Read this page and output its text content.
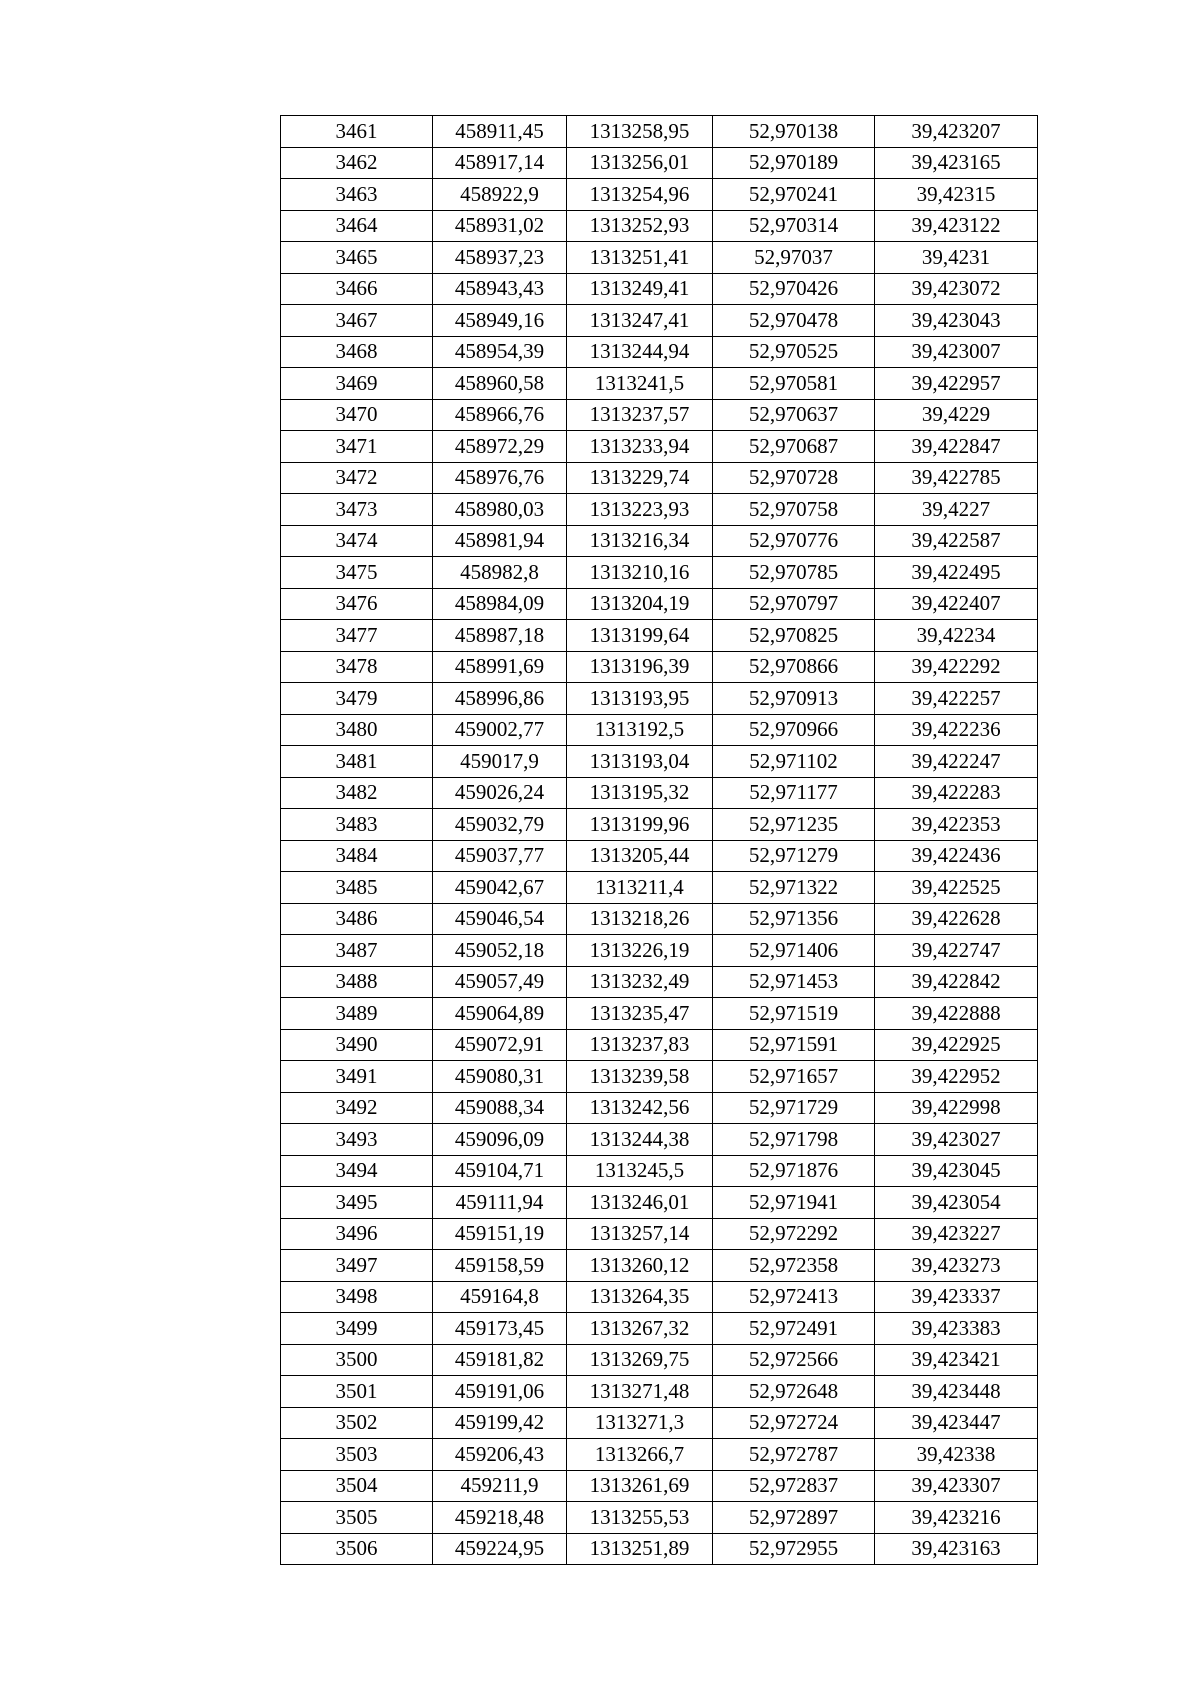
3461	458911,45	1313258,95	52,970138	39,423207
3462	458917,14	1313256,01	52,970189	39,423165
3463	458922,9	1313254,96	52,970241	39,42315
3464	458931,02	1313252,93	52,970314	39,423122
3465	458937,23	1313251,41	52,97037	39,4231
3466	458943,43	1313249,41	52,970426	39,423072
3467	458949,16	1313247,41	52,970478	39,423043
3468	458954,39	1313244,94	52,970525	39,423007
3469	458960,58	1313241,5	52,970581	39,422957
3470	458966,76	1313237,57	52,970637	39,4229
3471	458972,29	1313233,94	52,970687	39,422847
3472	458976,76	1313229,74	52,970728	39,422785
3473	458980,03	1313223,93	52,970758	39,4227
3474	458981,94	1313216,34	52,970776	39,422587
3475	458982,8	1313210,16	52,970785	39,422495
3476	458984,09	1313204,19	52,970797	39,422407
3477	458987,18	1313199,64	52,970825	39,42234
3478	458991,69	1313196,39	52,970866	39,422292
3479	458996,86	1313193,95	52,970913	39,422257
3480	459002,77	1313192,5	52,970966	39,422236
3481	459017,9	1313193,04	52,971102	39,422247
3482	459026,24	1313195,32	52,971177	39,422283
3483	459032,79	1313199,96	52,971235	39,422353
3484	459037,77	1313205,44	52,971279	39,422436
3485	459042,67	1313211,4	52,971322	39,422525
3486	459046,54	1313218,26	52,971356	39,422628
3487	459052,18	1313226,19	52,971406	39,422747
3488	459057,49	1313232,49	52,971453	39,422842
3489	459064,89	1313235,47	52,971519	39,422888
3490	459072,91	1313237,83	52,971591	39,422925
3491	459080,31	1313239,58	52,971657	39,422952
3492	459088,34	1313242,56	52,971729	39,422998
3493	459096,09	1313244,38	52,971798	39,423027
3494	459104,71	1313245,5	52,971876	39,423045
3495	459111,94	1313246,01	52,971941	39,423054
3496	459151,19	1313257,14	52,972292	39,423227
3497	459158,59	1313260,12	52,972358	39,423273
3498	459164,8	1313264,35	52,972413	39,423337
3499	459173,45	1313267,32	52,972491	39,423383
3500	459181,82	1313269,75	52,972566	39,423421
3501	459191,06	1313271,48	52,972648	39,423448
3502	459199,42	1313271,3	52,972724	39,423447
3503	459206,43	1313266,7	52,972787	39,42338
3504	459211,9	1313261,69	52,972837	39,423307
3505	459218,48	1313255,53	52,972897	39,423216
3506	459224,95	1313251,89	52,972955	39,423163
